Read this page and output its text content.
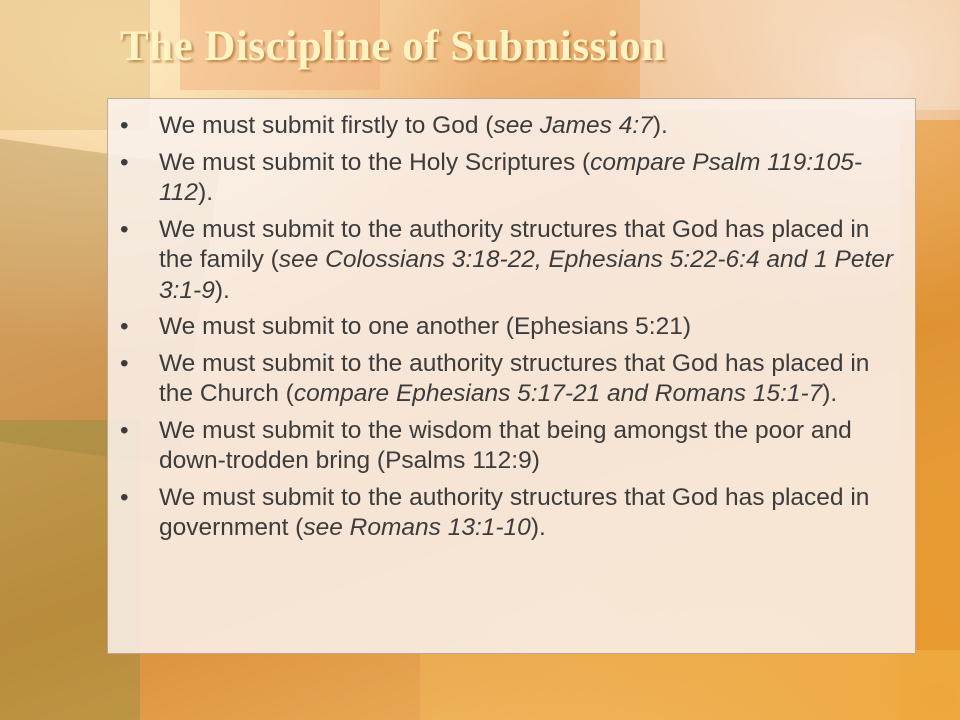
The Discipline of Submission
• We must submit firstly to God (see James 4:7).
• We must submit to the Holy Scriptures (compare Psalm 119:105-112).
• We must submit to the authority structures that God has placed in the family (see Colossians 3:18-22, Ephesians 5:22-6:4 and 1 Peter 3:1-9).
• We must submit to one another (Ephesians 5:21)
• We must submit to the authority structures that God has placed in the Church (compare Ephesians 5:17-21 and Romans 15:1-7).
• We must submit to the wisdom that being amongst the poor and down-trodden bring (Psalms 112:9)
• We must submit to the authority structures that God has placed in government (see Romans 13:1-10).
